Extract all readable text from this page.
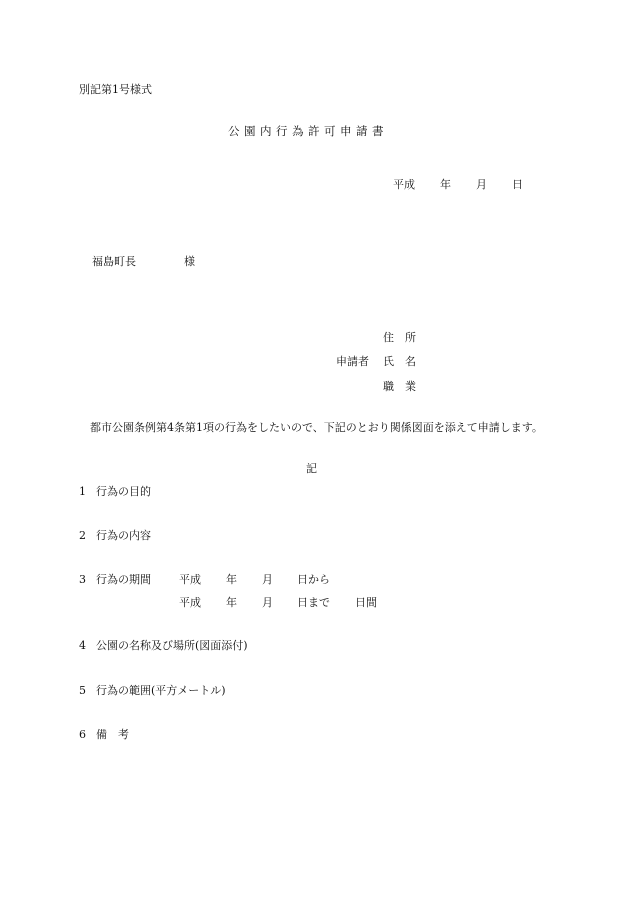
別記第1号様式
公園内行為許可申請書
平成 年 月 日
福島町長	様
住　所
申請者 氏　名
職　業
都市公園条例第4条第1項の行為をしたいので、下記のとおり関係図面を添えて申請します。
記
1 行為の目的
2 行為の内容
3 行為の期間	平成 年 月 日から
平成 年 月 日まで 日間
4 公園の名称及び場所(図面添付)
5 行為の範囲(平方メートル)
6 備　考
